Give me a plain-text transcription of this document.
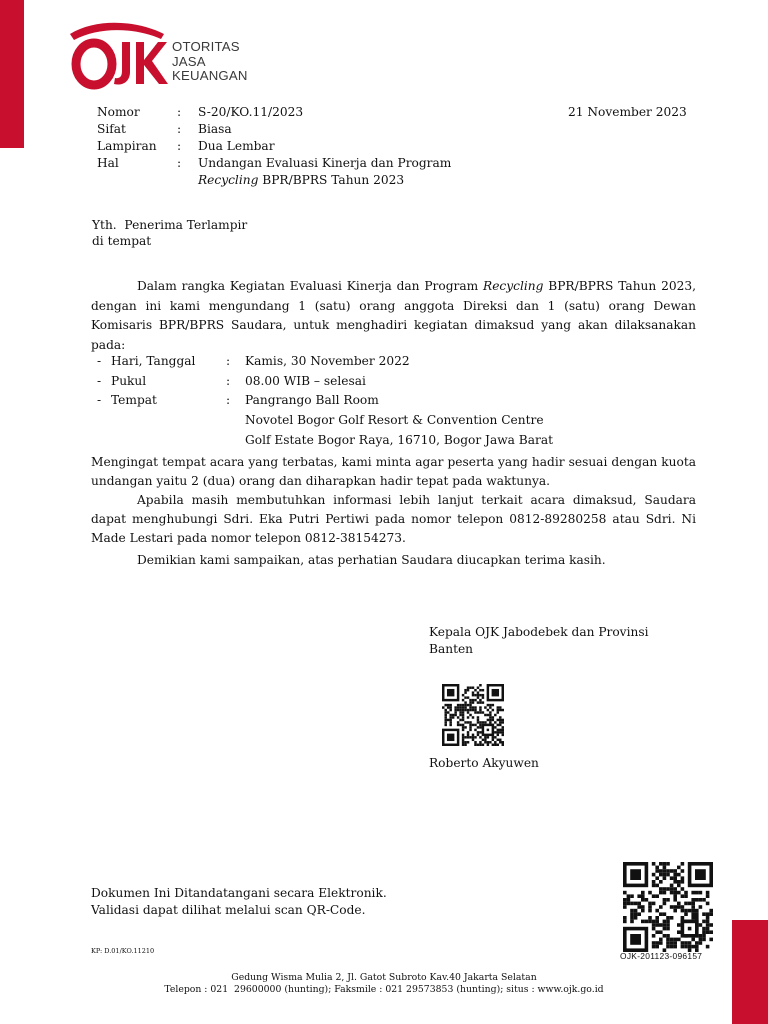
OTORITAS
JASA
KEUANGAN
Nomor	:	S-20/KO.11/2023
Sifat	:	Biasa
Lampiran	:	Dua Lembar
Hal	:	Undangan Evaluasi Kinerja dan Program
Recycling BPR/BPRS Tahun 2023
21 November 2023
Yth.  Penerima Terlampir
di tempat

Dalam rangka Kegiatan Evaluasi Kinerja dan Program Recycling BPR/BPRS Tahun 2023, dengan ini kami mengundang 1 (satu) orang anggota Direksi dan 1 (satu) orang Dewan Komisaris BPR/BPRS Saudara, untuk menghadiri kegiatan dimaksud yang akan dilaksanakan pada:

- Hari, Tanggal	:	Kamis, 30 November 2022
- Pukul	:	08.00 WIB – selesai
- Tempat	:	Pangrango Ball Room
Novotel Bogor Golf Resort & Convention Centre
Golf Estate Bogor Raya, 16710, Bogor Jawa Barat

Mengingat tempat acara yang terbatas, kami minta agar peserta yang hadir sesuai dengan kuota undangan yaitu 2 (dua) orang dan diharapkan hadir tepat pada waktunya.

Apabila masih membutuhkan informasi lebih lanjut terkait acara dimaksud, Saudara dapat menghubungi Sdri. Eka Putri Pertiwi pada nomor telepon 0812-89280258 atau Sdri. Ni Made Lestari pada nomor telepon 0812-38154273.

Demikian kami sampaikan, atas perhatian Saudara diucapkan terima kasih.

Kepala OJK Jabodebek dan Provinsi
Banten
Roberto Akyuwen
Dokumen Ini Ditandatangani secara Elektronik.
Validasi dapat dilihat melalui scan QR-Code.
OJK-201123-096157
KP: D.01/KO.11210
Gedung Wisma Mulia 2, Jl. Gatot Subroto Kav.40 Jakarta Selatan
Telepon : 021  29600000 (hunting); Faksmile : 021 29573853 (hunting); situs : www.ojk.go.id
